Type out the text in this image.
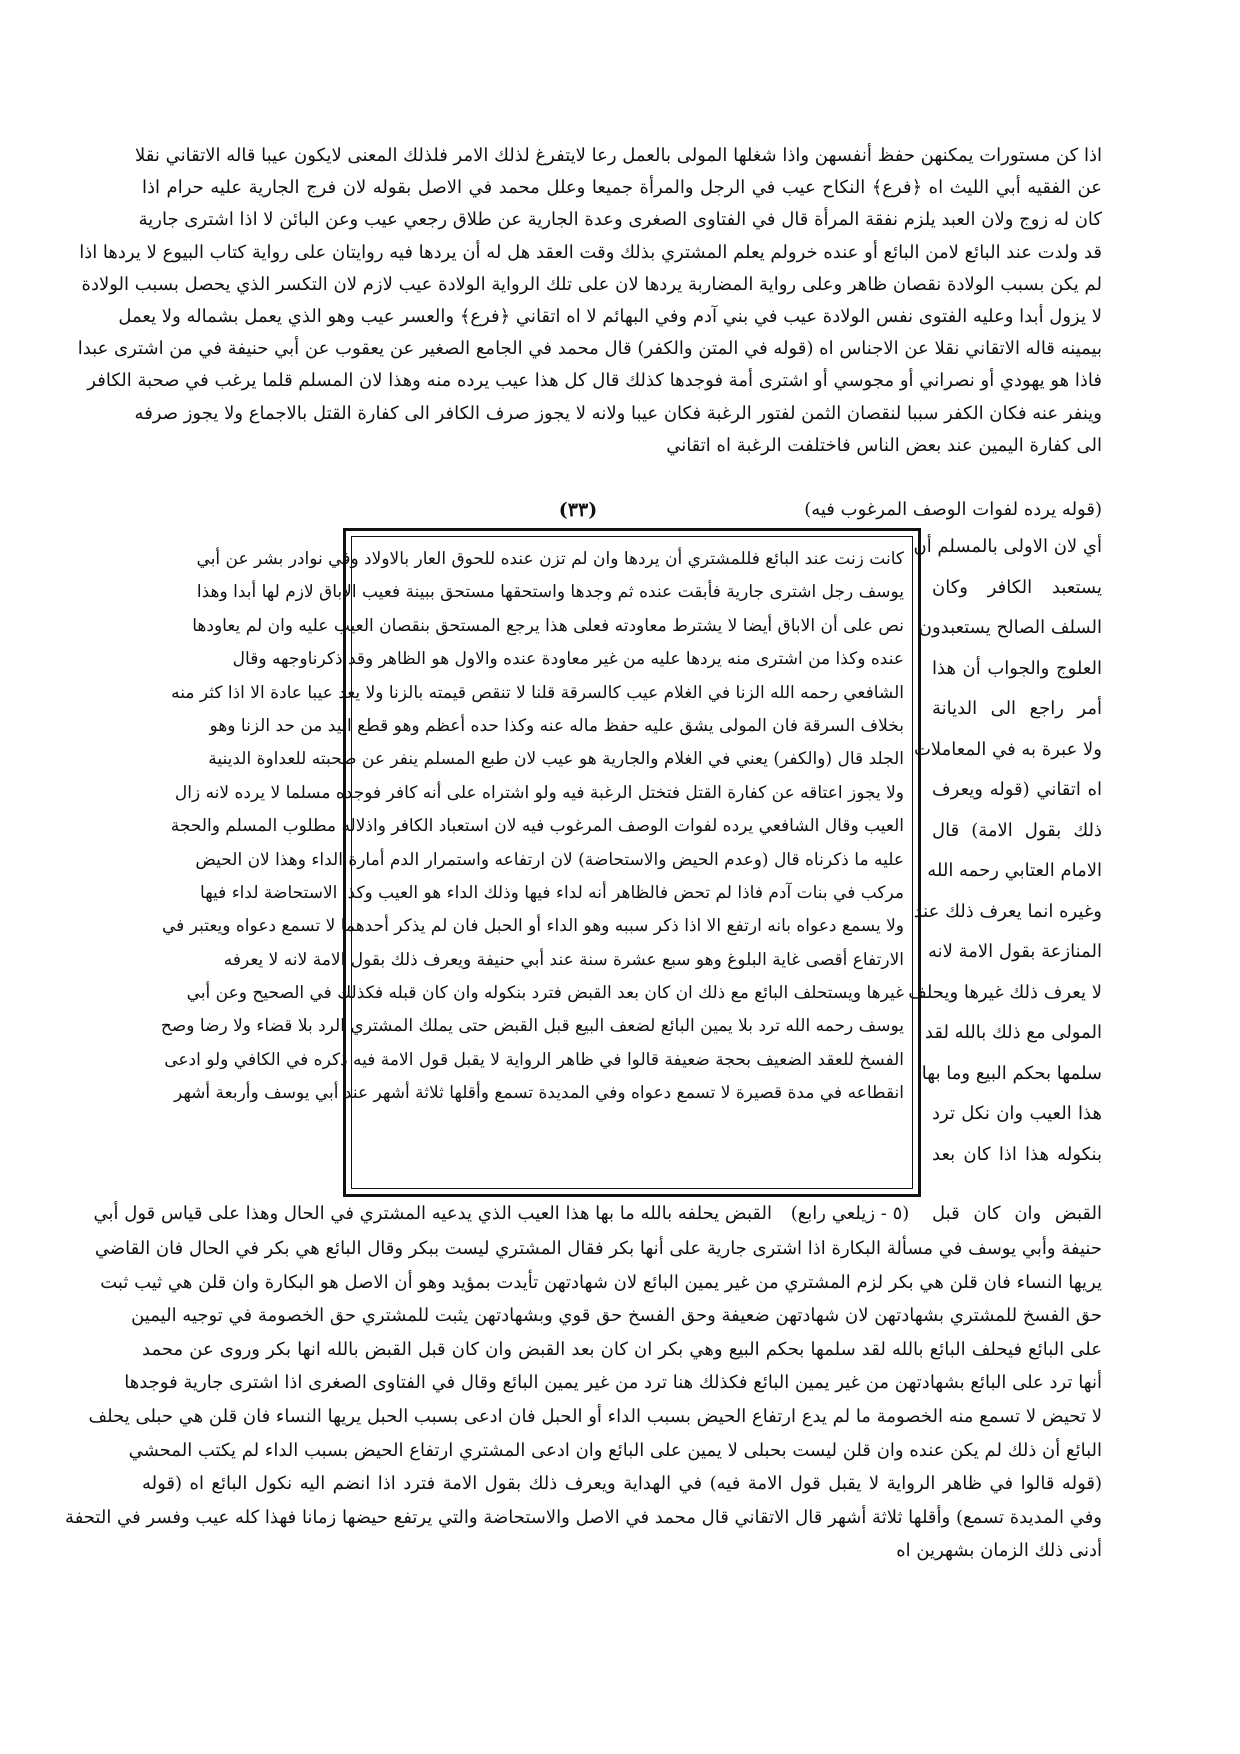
اذا كن مستورات يمكنهن حفظ أنفسهن واذا شغلها المولى بالعمل رعا لايتفرغ لذلك الامر فلذلك المعنى لايكون عيبا قاله الاتقاني نقلا
عن الفقيه أبي الليث اه ﴿فرع﴾ النكاح عيب في الرجل والمرأة جميعا وعلل محمد في الاصل بقوله لان فرج الجارية عليه حرام اذا
كان له زوج ولان العبد يلزم نفقة المرأة قال في الفتاوى الصغرى وعدة الجارية عن طلاق رجعي عيب وعن البائن لا اذا اشترى جارية
قد ولدت عند البائع لامن البائع أو عنده خرولم يعلم المشتري بذلك وقت العقد هل له أن يردها فيه روايتان على رواية كتاب البيوع لا يردها اذا
لم يكن بسبب الولادة نقصان ظاهر وعلى رواية المضاربة يردها لان على تلك الرواية الولادة عيب لازم لان التكسر الذي يحصل بسبب الولادة
لا يزول أبدا وعليه الفتوى نفس الولادة عيب في بني آدم وفي البهائم لا اه اتقاني ﴿فرع﴾ والعسر عيب وهو الذي يعمل بشماله ولا يعمل
بيمينه قاله الاتقاني نقلا عن الاجناس اه (قوله في المتن والكفر) قال محمد في الجامع الصغير عن يعقوب عن أبي حنيفة في من اشترى عبدا
فاذا هو يهودي أو نصراني أو مجوسي أو اشترى أمة فوجدها كذلك قال كل هذا عيب يرده منه وهذا لان المسلم قلما يرغب في صحبة الكافر
وينفر عنه فكان الكفر سببا لنقصان الثمن لفتور الرغبة فكان عيبا ولانه لا يجوز صرف الكافر الى كفارة القتل بالاجماع ولا يجوز صرفه
الى كفارة اليمين عند بعض الناس فاختلفت الرغبة اه اتقاني
(٣٣)	(قوله يرده لفوات الوصف المرغوب فيه)
أي لان الاولى بالمسلم أن
يستعبد الكافر وكان
السلف الصالح يستعبدون
العلوج والجواب أن هذا
أمر راجع الى الديانة
ولا عبرة به في المعاملات
اه اتقاني (قوله ويعرف
ذلك بقول الامة) قال
الامام العتابي رحمه الله
وغيره انما يعرف ذلك عند
المنازعة بقول الامة لانه
لا يعرف ذلك غيرها ويحلف
المولى مع ذلك بالله لقد
سلمها بحكم البيع وما بها
هذا العيب وان نكل ترد
بنكوله هذا اذا كان بعد
كانت زنت عند البائع فللمشتري أن يردها وان لم تزن عنده للحوق العار بالاولاد وفي نوادر بشر عن أبي
يوسف رجل اشترى جارية فأبقت عنده ثم وجدها واستحقها مستحق ببينة فعيب الاباق لازم لها أبدا وهذا
نص على أن الاباق أيضا لا يشترط معاودته فعلى هذا يرجع المستحق بنقصان العيب عليه وان لم يعاودها
عنده وكذا من اشترى منه يردها عليه من غير معاودة عنده والاول هو الظاهر وقد ذكرناوجهه وقال
الشافعي رحمه الله الزنا في الغلام عيب كالسرقة قلنا لا تنقص قيمته بالزنا ولا يعد عيبا عادة الا اذا كثر منه
بخلاف السرقة فان المولى يشق عليه حفظ ماله عنه وكذا حده أعظم وهو قطع اليد من حد الزنا وهو
الجلد قال (والكفر) يعني في الغلام والجارية هو عيب لان طبع المسلم ينفر عن صحبته للعداوة الدينية
ولا يجوز اعتاقه عن كفارة القتل فتختل الرغبة فيه ولو اشتراه على أنه كافر فوجده مسلما لا يرده لانه زال
العيب وقال الشافعي يرده لفوات الوصف المرغوب فيه لان استعباد الكافر واذلاله مطلوب المسلم والحجة
عليه ما ذكرناه قال (وعدم الحيض والاستحاضة) لان ارتفاعه واستمرار الدم أمارة الداء وهذا لان الحيض
مركب في بنات آدم فاذا لم تحض فالظاهر أنه لداء فيها وذلك الداء هو العيب وكذا الاستحاضة لداء فيها
ولا يسمع دعواه بانه ارتفع الا اذا ذكر سببه وهو الداء أو الحبل فان لم يذكر أحدهما لا تسمع دعواه ويعتبر في
الارتفاع أقصى غاية البلوغ وهو سبع عشرة سنة عند أبي حنيفة ويعرف ذلك بقول الامة لانه لا يعرفه
غيرها ويستحلف البائع مع ذلك ان كان بعد القبض فترد بنكوله وان كان قبله فكذلك في الصحيح وعن أبي
يوسف رحمه الله ترد بلا يمين البائع لضعف البيع قبل القبض حتى يملك المشتري الرد بلا قضاء ولا رضا وصح
الفسخ للعقد الضعيف بحجة ضعيفة قالوا في ظاهر الرواية لا يقبل قول الامة فيه ذكره في الكافي ولو ادعى
انقطاعه في مدة قصيرة لا تسمع دعواه وفي المديدة تسمع وأقلها ثلاثة أشهر عند أبي يوسف وأربعة أشهر
القبض وان كان قبل
(٥ - زيلعي رابع)
القبض يحلفه بالله ما بها هذا العيب الذي يدعيه المشتري في الحال وهذا على قياس قول أبي
حنيفة وأبي يوسف في مسألة البكارة اذا اشترى جارية على أنها بكر فقال المشتري ليست ببكر وقال البائع هي بكر في الحال فان القاضي
يريها النساء فان قلن هي بكر لزم المشتري من غير يمين البائع لان شهادتهن تأيدت بمؤيد وهو أن الاصل هو البكارة وان قلن هي ثيب ثبت
حق الفسخ للمشتري بشهادتهن لان شهادتهن ضعيفة وحق الفسخ حق قوي وبشهادتهن يثبت للمشتري حق الخصومة في توجيه اليمين
على البائع فيحلف البائع بالله لقد سلمها بحكم البيع وهي بكر ان كان بعد القبض وان كان قبل القبض بالله انها بكر وروى عن محمد
أنها ترد على البائع بشهادتهن من غير يمين البائع فكذلك هنا ترد من غير يمين البائع وقال في الفتاوى الصغرى اذا اشترى جارية فوجدها
لا تحيض لا تسمع منه الخصومة ما لم يدع ارتفاع الحيض بسبب الداء أو الحبل فان ادعى بسبب الحبل يريها النساء فان قلن هي حبلى يحلف
البائع أن ذلك لم يكن عنده وان قلن ليست بحبلى لا يمين على البائع وان ادعى المشتري ارتفاع الحيض بسبب الداء لم يكتب المحشي
(قوله قالوا في ظاهر الرواية لا يقبل قول الامة فيه) في الهداية ويعرف ذلك بقول الامة فترد اذا انضم اليه نكول البائع اه (قوله
وفي المديدة تسمع) وأقلها ثلاثة أشهر قال الاتقاني قال محمد في الاصل والاستحاضة والتي يرتفع حيضها زمانا فهذا كله عيب وفسر في التحفة
أدنى ذلك الزمان بشهرين اه
